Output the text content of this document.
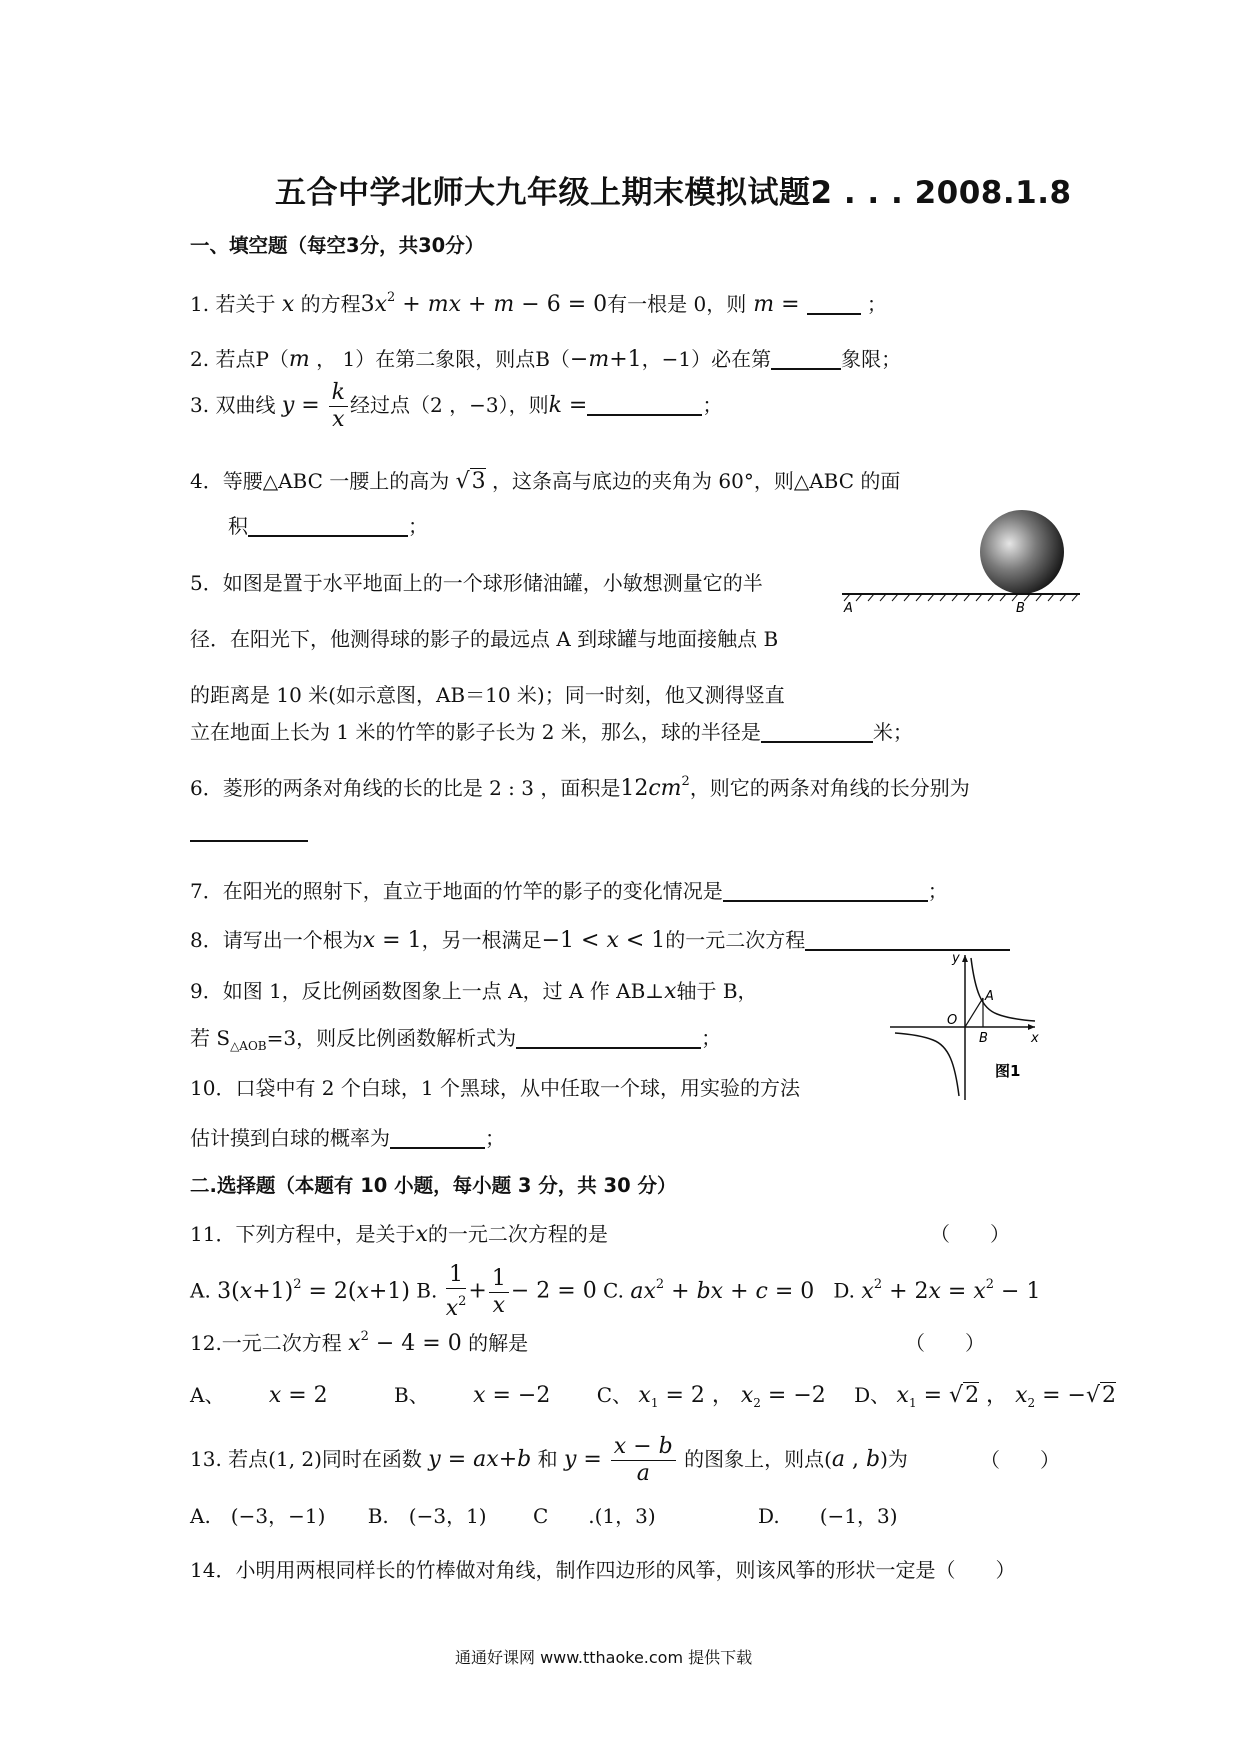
五合中学北师大九年级上期末模拟试题2 . . . 2008.1.8
一、填空题（每空3分，共30分）
1. 若关于 x 的方程$3x^2$ + mx + m − 6 = 0有一根是 0，则 m =	；
2. 若点P（m ， 1）在第二象限，则点B（−m+1，−1）必在第	象限；
3. 双曲线 $y = \frac{k}{x}$ 经过点（2 ，−3），则k =	；
4．等腰△ABC 一腰上的高为 √3 ，这条高与底边的夹角为 60°，则△ABC 的面
积	；
A	B
5．如图是置于水平地面上的一个球形储油罐，小敏想测量它的半
径．在阳光下，他测得球的影子的最远点 A 到球罐与地面接触点 B
的距离是 10 米(如示意图，AB＝10 米)；同一时刻，他又测得竖直
立在地面上长为 1 米的竹竿的影子长为 2 米，那么，球的半径是	米；
6．菱形的两条对角线的长的比是 2 : 3 ，面积是$12cm^2$，则它的两条对角线的长分别为
7．在阳光的照射下，直立于地面的竹竿的影子的变化情况是	；
8．请写出一个根为x = 1，另一根满足−1 < x < 1的一元二次方程
y
x
O
A
B
图1
9．如图 1，反比例函数图象上一点 A，过 A 作 AB⊥x轴于 B，
若 $S_{\triangle AOB}=3$，则反比例函数解析式为	；
10．口袋中有 2 个白球，1 个黑球，从中任取一个球，用实验的方法
估计摸到白球的概率为	；
二.选择题（本题有 10 小题，每小题 3 分，共 30 分）
11．下列方程中，是关于x的一元二次方程的是	（　　）
A. $3(x+1)^2 = 2(x+1)$ B. $\frac{1}{x^2} + \frac{1}{x} - 2 = 0$ C. $ax^2$ + bx + c = 0 D. $x^2 + 2x = x^2 - 1$
12.一元二次方程 $x^2 - 4 = 0$ 的解是	（　　）
A、 x = 2	B、 x = −2 C、 $x_1 = 2$ ， $x_2 = -2$ D、 $x_1 = √2$ ， $x_2 = -√2$
13. 若点(1, 2)同时在函数 y = ax+b 和 $y = \frac{x - b}{a}$ 的图象上，则点(a , b)为	（　　）
A.　(−3，−1) B.　(−3，1) C　　.(1，3)	D.　　(−1，3)
14．小明用两根同样长的竹棒做对角线，制作四边形的风筝，则该风筝的形状一定是（　　）
通通好课网 www.tthaoke.com 提供下载
